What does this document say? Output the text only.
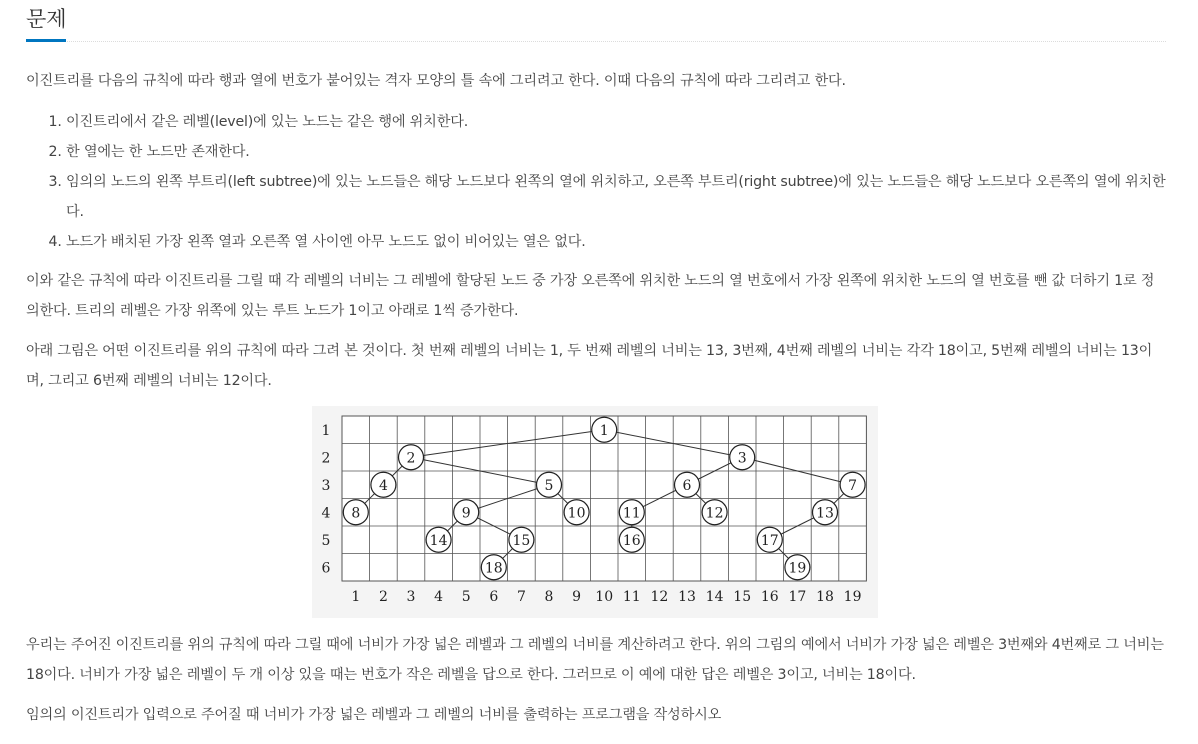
문제

이진트리를 다음의 규칙에 따라 행과 열에 번호가 붙어있는 격자 모양의 틀 속에 그리려고 한다. 이때 다음의 규칙에 따라 그리려고 한다.

1. 이진트리에서 같은 레벨(level)에 있는 노드는 같은 행에 위치한다.
2. 한 열에는 한 노드만 존재한다.
3. 임의의 노드의 왼쪽 부트리(left subtree)에 있는 노드들은 해당 노드보다 왼쪽의 열에 위치하고, 오른쪽 부트리(right subtree)에 있는 노드들은 해당 노드보다 오른쪽의 열에 위치한다.
4. 노드가 배치된 가장 왼쪽 열과 오른쪽 열 사이엔 아무 노드도 없이 비어있는 열은 없다.

이와 같은 규칙에 따라 이진트리를 그릴 때 각 레벨의 너비는 그 레벨에 할당된 노드 중 가장 오른쪽에 위치한 노드의 열 번호에서 가장 왼쪽에 위치한 노드의 열 번호를 뺀 값 더하기 1로 정의한다. 트리의 레벨은 가장 위쪽에 있는 루트 노드가 1이고 아래로 1씩 증가한다.

아래 그림은 어떤 이진트리를 위의 규칙에 따라 그려 본 것이다. 첫 번째 레벨의 너비는 1, 두 번째 레벨의 너비는 13, 3번째, 4번째 레벨의 너비는 각각 18이고, 5번째 레벨의 너비는 13이며, 그리고 6번째 레벨의 너비는 12이다.

1
2
3
4
5
6
1 2 3 4 5 6 7 8 9 10 11 12 13 14 15 16 17 18 19
1
2	3
4	5	6	7
8	9	10	11	12	13
14	15	16	17
18	19

우리는 주어진 이진트리를 위의 규칙에 따라 그릴 때에 너비가 가장 넓은 레벨과 그 레벨의 너비를 계산하려고 한다. 위의 그림의 예에서 너비가 가장 넓은 레벨은 3번째와 4번째로 그 너비는 18이다. 너비가 가장 넓은 레벨이 두 개 이상 있을 때는 번호가 작은 레벨을 답으로 한다. 그러므로 이 예에 대한 답은 레벨은 3이고, 너비는 18이다.

임의의 이진트리가 입력으로 주어질 때 너비가 가장 넓은 레벨과 그 레벨의 너비를 출력하는 프로그램을 작성하시오
